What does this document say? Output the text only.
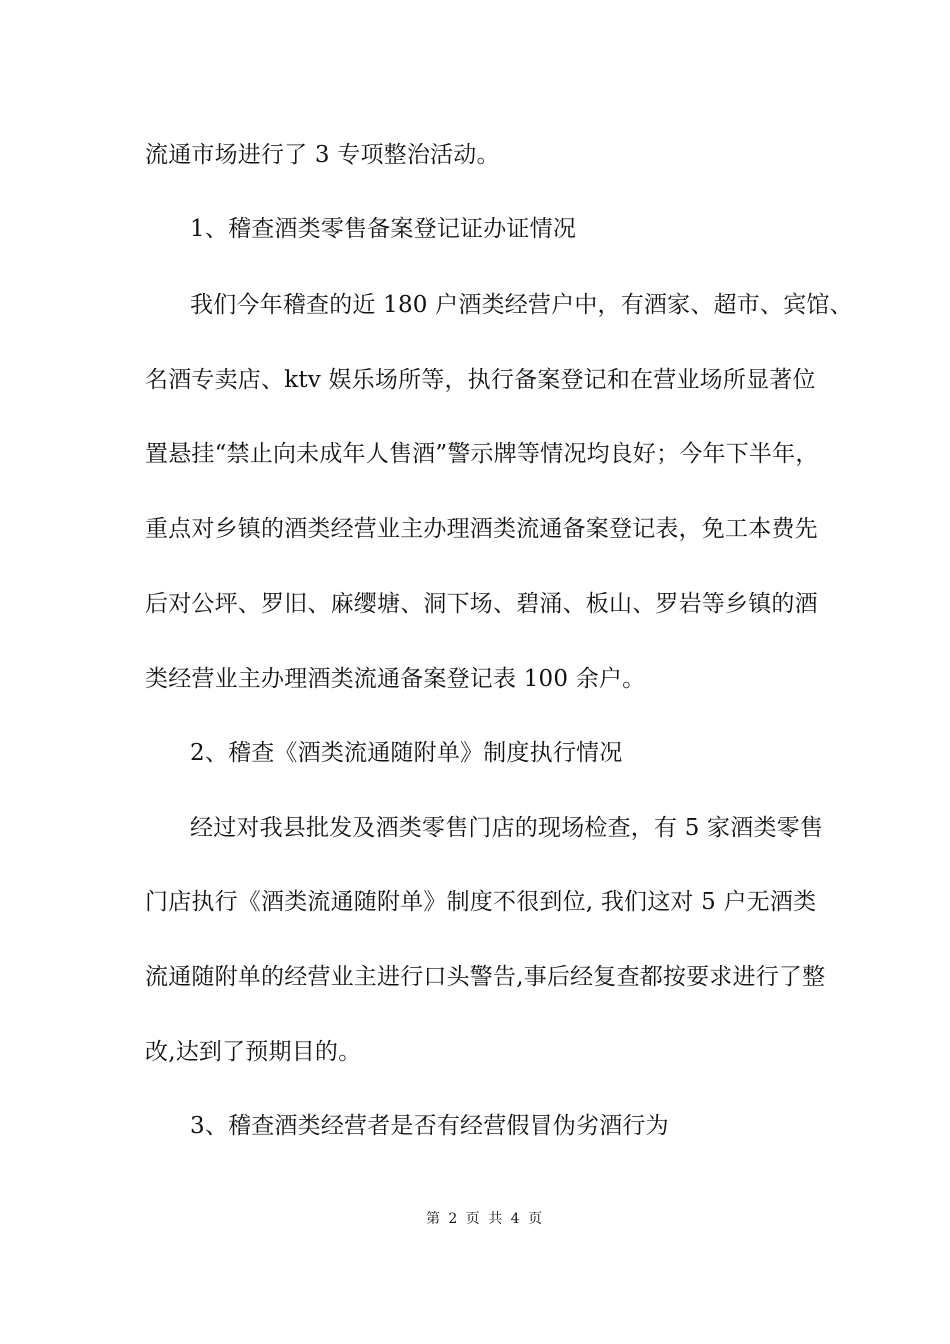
流通市场进行了 3 专项整治活动。
1、稽查酒类零售备案登记证办证情况
我们今年稽查的近 180 户酒类经营户中，有酒家、超市、宾馆、
名酒专卖店、ktv 娱乐场所等，执行备案登记和在营业场所显著位
置悬挂“禁止向未成年人售酒”警示牌等情况均良好；今年下半年，
重点对乡镇的酒类经营业主办理酒类流通备案登记表，免工本费先
后对公坪、罗旧、麻缨塘、洞下场、碧涌、板山、罗岩等乡镇的酒
类经营业主办理酒类流通备案登记表 100 余户。
2、稽查《酒类流通随附单》制度执行情况
经过对我县批发及酒类零售门店的现场检查，有 5 家酒类零售
门店执行《酒类流通随附单》制度不很到位, 我们这对 5 户无酒类
流通随附单的经营业主进行口头警告,事后经复查都按要求进行了整
改,达到了预期目的。
3、稽查酒类经营者是否有经营假冒伪劣酒行为
第 2 页 共 4 页
